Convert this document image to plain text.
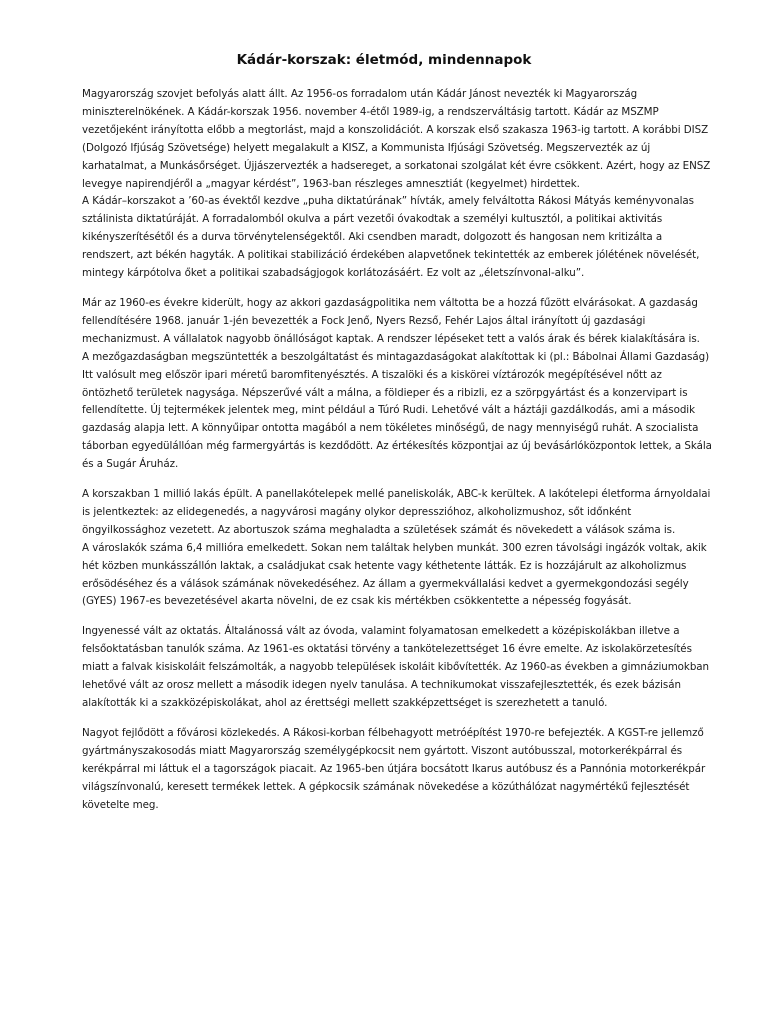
Kádár-korszak: életmód, mindennapok

Magyarország szovjet befolyás alatt állt. Az 1956-os forradalom után Kádár Jánost nevezték ki Magyarország miniszterelnökének. A Kádár-korszak 1956. november 4-étől 1989-ig, a rendszerváltásig tartott. Kádár az MSZMP vezetőjeként irányította előbb a megtorlást, majd a konszolidációt. A korszak első szakasza 1963-ig tartott. A korábbi DISZ (Dolgozó Ifjúság Szövetsége) helyett megalakult a KISZ, a Kommunista Ifjúsági Szövetség. Megszervezték az új karhatalmat, a Munkásőrséget. Újjászervezték a hadsereget, a sorkatonai szolgálat két évre csökkent. Azért, hogy az ENSZ levegye napirendjéről a „magyar kérdést”, 1963-ban részleges amnesztiát (kegyelmet) hirdettek.

A Kádár–korszakot a ’60-as évektől kezdve „puha diktatúrának” hívták, amely felváltotta Rákosi Mátyás keményvonalas sztálinista diktatúráját. A forradalomból okulva a párt vezetői óvakodtak a személyi kultusztól, a politikai aktivitás kikényszerítésétől és a durva törvénytelenségektől. Aki csendben maradt, dolgozott és hangosan nem kritizálta a rendszert, azt békén hagyták. A politikai stabilizáció érdekében alapvetőnek tekintették az emberek jólétének növelését, mintegy kárpótolva őket a politikai szabadságjogok korlátozásáért. Ez volt az „életszínvonal-alku”.

Már az 1960-es évekre kiderült, hogy az akkori gazdaságpolitika nem váltotta be a hozzá fűzött elvárásokat. A gazdaság fellendítésére 1968. január 1-jén bevezették a Fock Jenő, Nyers Rezső, Fehér Lajos által irányított új gazdasági mechanizmust. A vállalatok nagyobb önállóságot kaptak. A rendszer lépéseket tett a valós árak és bérek kialakítására is.

A mezőgazdaságban megszüntették a beszolgáltatást és mintagazdaságokat alakítottak ki (pl.: Bábolnai Állami Gazdaság) Itt valósult meg először ipari méretű baromfitenyésztés. A tiszalöki és a kiskörei víztározók megépítésével nőtt az öntözhető területek nagysága. Népszerűvé vált a málna, a földieper és a ribizli, ez a szörpgyártást és a konzervipart is fellendítette. Új tejtermékek jelentek meg, mint például a Túró Rudi. Lehetővé vált a háztáji gazdálkodás, ami a második gazdaság alapja lett. A könnyűipar ontotta magából a nem tökéletes minőségű, de nagy mennyiségű ruhát. A szocialista táborban egyedülállóan még farmergyártás is kezdődött. Az értékesítés központjai az új bevásárlóközpontok lettek, a Skála és a Sugár Áruház.

A korszakban 1 millió lakás épült. A panellakótelepek mellé paneliskolák, ABC-k kerültek. A lakótelepi életforma árnyoldalai is jelentkeztek: az elidegenedés, a nagyvárosi magány olykor depresszióhoz, alkoholizmushoz, sőt időnként öngyilkossághoz vezetett. Az abortuszok száma meghaladta a születések számát és növekedett a válások száma is.

A városlakók száma 6,4 millióra emelkedett. Sokan nem találtak helyben munkát. 300 ezren távolsági ingázók voltak, akik hét közben munkásszállón laktak, a családjukat csak hetente vagy kéthetente látták. Ez is hozzájárult az alkoholizmus erősödéséhez és a válások számának növekedéséhez. Az állam a gyermekvállalási kedvet a gyermekgondozási segély (GYES) 1967-es bevezetésével akarta növelni, de ez csak kis mértékben csökkentette a népesség fogyását.

Ingyenessé vált az oktatás. Általánossá vált az óvoda, valamint folyamatosan emelkedett a középiskolákban illetve a felsőoktatásban tanulók száma. Az 1961-es oktatási törvény a tankötelezettséget 16 évre emelte. Az iskolakörzetesítés miatt a falvak kisiskoláit felszámolták, a nagyobb települések iskoláit kibővítették. Az 1960-as években a gimnáziumokban lehetővé vált az orosz mellett a második idegen nyelv tanulása. A technikumokat visszafejlesztették, és ezek bázisán alakították ki a szakközépiskolákat, ahol az érettségi mellett szakképzettséget is szerezhetett a tanuló.

Nagyot fejlődött a fővárosi közlekedés. A Rákosi-korban félbehagyott metróépítést 1970-re befejezték. A KGST-re jellemző gyártmányszakosodás miatt Magyarország személygépkocsit nem gyártott. Viszont autóbusszal, motorkerékpárral és kerékpárral mi láttuk el a tagországok piacait. Az 1965-ben útjára bocsátott Ikarus autóbusz és a Pannónia motorkerékpár világszínvonalú, keresett termékek lettek. A gépkocsik számának növekedése a közúthálózat nagymértékű fejlesztését követelte meg.
